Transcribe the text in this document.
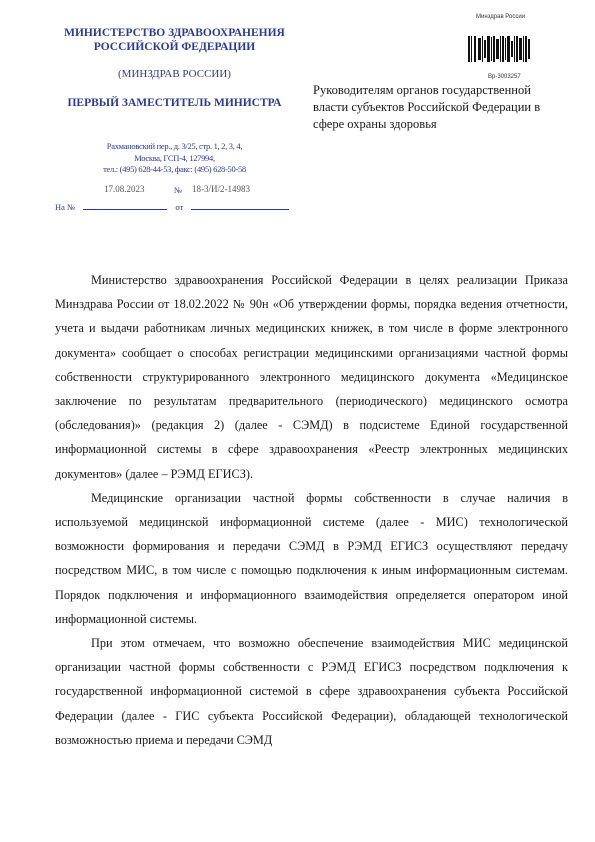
МИНИСТЕРСТВО ЗДРАВООХРАНЕНИЯ РОССИЙСКОЙ ФЕДЕРАЦИИ
(МИНЗДРАВ РОССИИ)
ПЕРВЫЙ ЗАМЕСТИТЕЛЬ МИНИСТРА
Рахмановский пер., д. 3/25, стр. 1, 2, 3, 4,
Москва, ГСП-4, 127994,
тел.: (495) 628-44-53, факс: (495) 628-50-58
17.08.2023	№ 18-3/И/2-14983
На №	от
Минздрав России
Вр-3003257
Руководителям органов государственной власти субъектов Российской Федерации в сфере охраны здоровья

Министерство здравоохранения Российской Федерации в целях реализации Приказа Минздрава России от 18.02.2022 № 90н «Об утверждении формы, порядка ведения отчетности, учета и выдачи работникам личных медицинских книжек, в том числе в форме электронного документа» сообщает о способах регистрации медицинскими организациями частной формы собственности структурированного электронного медицинского документа «Медицинское заключение по результатам предварительного (периодического) медицинского осмотра (обследования)» (редакция 2) (далее - СЭМД) в подсистеме Единой государственной информационной системы в сфере здравоохранения «Реестр электронных медицинских документов» (далее – РЭМД ЕГИСЗ).

Медицинские организации частной формы собственности в случае наличия в используемой медицинской информационной системе (далее - МИС) технологической возможности формирования и передачи СЭМД в РЭМД ЕГИСЗ осуществляют передачу посредством МИС, в том числе с помощью подключения к иным информационным системам. Порядок подключения и информационного взаимодействия определяется оператором иной информационной системы.

При этом отмечаем, что возможно обеспечение взаимодействия МИС медицинской организации частной формы собственности с РЭМД ЕГИСЗ посредством подключения к государственной информационной системой в сфере здравоохранения субъекта Российской Федерации (далее - ГИС субъекта Российской Федерации), обладающей технологической возможностью приема и передачи СЭМД
